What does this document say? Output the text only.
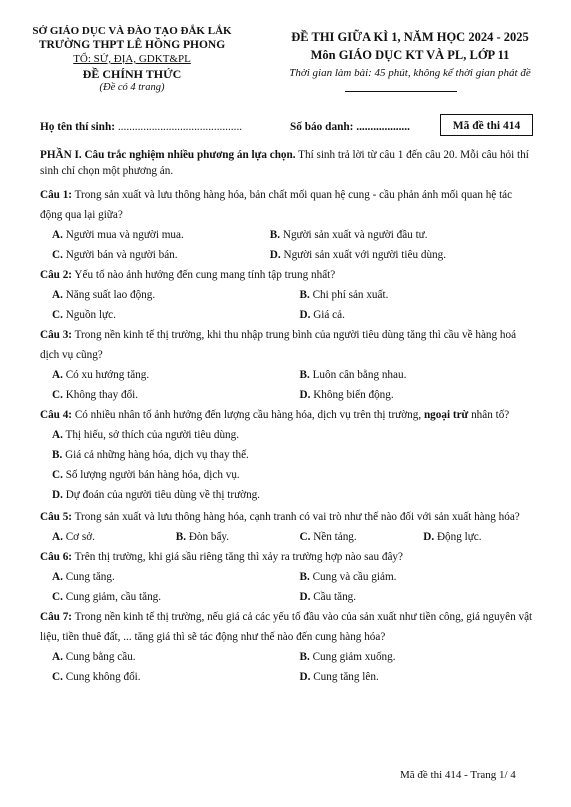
SỞ GIÁO DỤC VÀ ĐÀO TẠO ĐẮK LẮK
TRƯỜNG THPT LÊ HỒNG PHONG
TỔ: SỬ, ĐỊA, GDKT&PL
ĐỀ CHÍNH THỨC
(Đề có 4 trang)
ĐỀ THI GIỮA KÌ 1, NĂM HỌC 2024 - 2025
Môn GIÁO DỤC KT VÀ PL, LỚP 11
Thời gian làm bài: 45 phút, không kể thời gian phát đề
Họ tên thí sinh: ............................................	Số báo danh: ...................	Mã đề thi 414

PHẦN I. Câu trắc nghiệm nhiều phương án lựa chọn. Thí sinh trả lời từ câu 1 đến câu 20. Mỗi câu hỏi thí sinh chỉ chọn một phương án.

Câu 1: Trong sản xuất và lưu thông hàng hóa, bản chất mối quan hệ cung - cầu phản ánh mối quan hệ tác động qua lại giữa?

A. Người mua và người mua.	B. Người sản xuất và người đầu tư.
C. Người bán và người bán.	D. Người sản xuất với người tiêu dùng.

Câu 2: Yếu tố nào ảnh hưởng đến cung mang tính tập trung nhất?

A. Năng suất lao động.	B. Chi phí sản xuất.
C. Nguồn lực.	D. Giá cả.

Câu 3: Trong nền kinh tế thị trường, khi thu nhập trung bình của người tiêu dùng tăng thì cầu về hàng hoá dịch vụ cũng?

A. Có xu hướng tăng.	B. Luôn cân bằng nhau.
C. Không thay đổi.	D. Không biến động.

Câu 4: Có nhiều nhân tố ảnh hưởng đến lượng cầu hàng hóa, dịch vụ trên thị trường, ngoại trừ nhân tố?

A. Thị hiếu, sở thích của người tiêu dùng.

B. Giá cả những hàng hóa, dịch vụ thay thế.

C. Số lượng người bán hàng hóa, dịch vụ.

D. Dự đoán của người tiêu dùng về thị trường.

Câu 5: Trong sản xuất và lưu thông hàng hóa, cạnh tranh có vai trò như thế nào đối với sản xuất hàng hóa?

A. Cơ sở.	B. Đòn bẩy.	C. Nền tảng.	D. Động lực.

Câu 6: Trên thị trường, khi giá sầu riêng tăng thì xảy ra trường hợp nào sau đây?

A. Cung tăng.	B. Cung và cầu giảm.
C. Cung giảm, cầu tăng.	D. Cầu tăng.

Câu 7: Trong nền kinh tế thị trường, nếu giá cả các yếu tố đầu vào của sản xuất như tiền công, giá nguyên vật liệu, tiền thuê đất, ... tăng giá thì sẽ tác động như thế nào đến cung hàng hóa?

A. Cung bằng cầu.	B. Cung giảm xuống.
C. Cung không đổi.	D. Cung tăng lên.
Mã đề thi 414 - Trang 1/ 4
